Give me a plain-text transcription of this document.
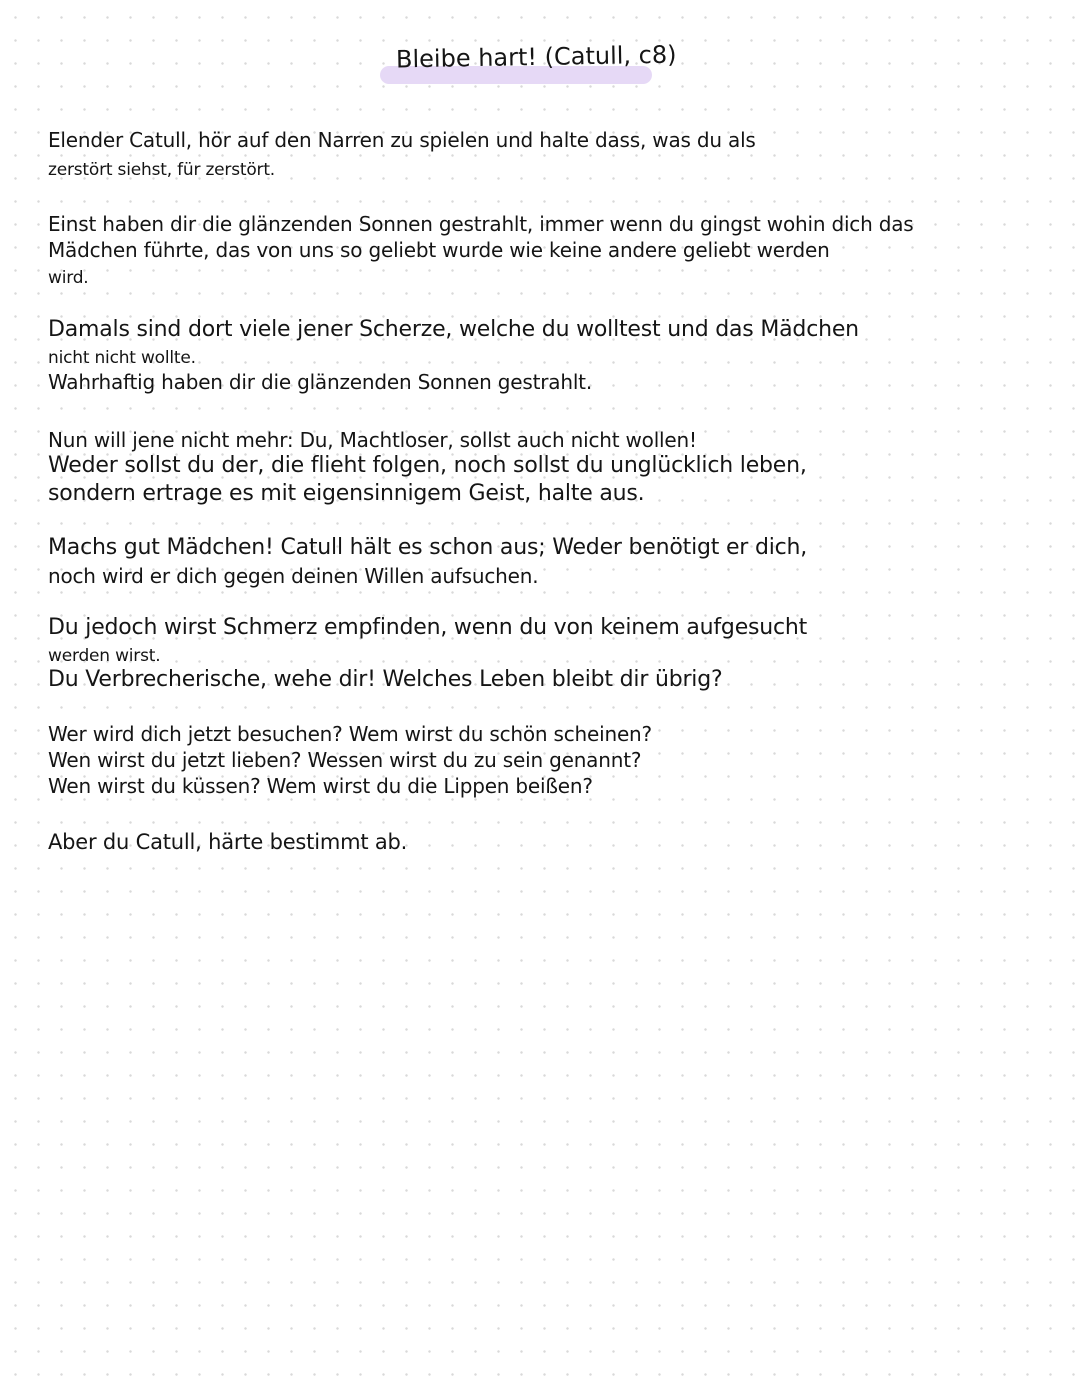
Bleibe hart! (Catull, c8)
Elender Catull, hör auf den Narren zu spielen und halte dass, was du als
zerstört siehst, für zerstört.
Einst haben dir die glänzenden Sonnen gestrahlt, immer wenn du gingst wohin dich das
Mädchen führte, das von uns so geliebt wurde wie keine andere geliebt werden
wird.
Damals sind dort viele jener Scherze, welche du wolltest und das Mädchen
nicht nicht wollte.
Wahrhaftig haben dir die glänzenden Sonnen gestrahlt.
Nun will jene nicht mehr: Du, Machtloser, sollst auch nicht wollen!
Weder sollst du der, die flieht folgen, noch sollst du unglücklich leben,
sondern ertrage es mit eigensinnigem Geist, halte aus.
Machs gut Mädchen! Catull hält es schon aus; Weder benötigt er dich,
noch wird er dich gegen deinen Willen aufsuchen.
Du jedoch wirst Schmerz empfinden, wenn du von keinem aufgesucht
werden wirst.
Du Verbrecherische, wehe dir! Welches Leben bleibt dir übrig?
Wer wird dich jetzt besuchen? Wem wirst du schön scheinen?
Wen wirst du jetzt lieben? Wessen wirst du zu sein genannt?
Wen wirst du küssen? Wem wirst du die Lippen beißen?
Aber du Catull, härte bestimmt ab.
